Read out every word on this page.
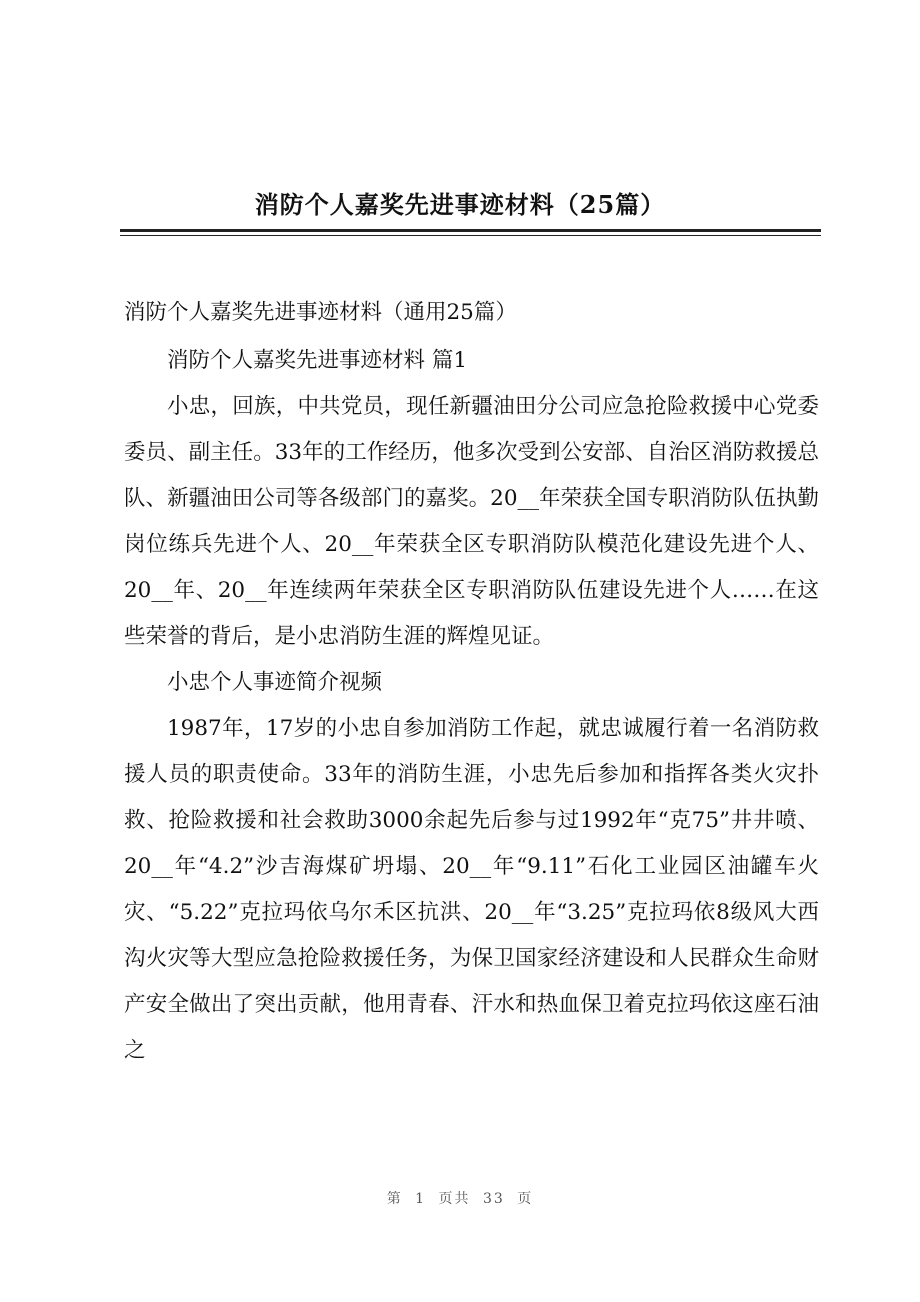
消防个人嘉奖先进事迹材料（25篇）

消防个人嘉奖先进事迹材料（通用25篇）

消防个人嘉奖先进事迹材料 篇1

小忠，回族，中共党员，现任新疆油田分公司应急抢险救援中心党委委员、副主任。33年的工作经历，他多次受到公安部、自治区消防救援总队、新疆油田公司等各级部门的嘉奖。20__年荣获全国专职消防队伍执勤岗位练兵先进个人、20__年荣获全区专职消防队模范化建设先进个人、20__年、20__年连续两年荣获全区专职消防队伍建设先进个人……在这些荣誉的背后，是小忠消防生涯的辉煌见证。

小忠个人事迹简介视频

1987年，17岁的小忠自参加消防工作起，就忠诚履行着一名消防救援人员的职责使命。33年的消防生涯，小忠先后参加和指挥各类火灾扑救、抢险救援和社会救助3000余起先后参与过1992年“克75”井井喷、20__年“4.2”沙吉海煤矿坍塌、20__年“9.11”石化工业园区油罐车火灾、“5.22”克拉玛依乌尔禾区抗洪、20__年“3.25”克拉玛依8级风大西沟火灾等大型应急抢险救援任务，为保卫国家经济建设和人民群众生命财产安全做出了突出贡献，他用青春、汗水和热血保卫着克拉玛依这座石油之

第 1 页共 33 页
